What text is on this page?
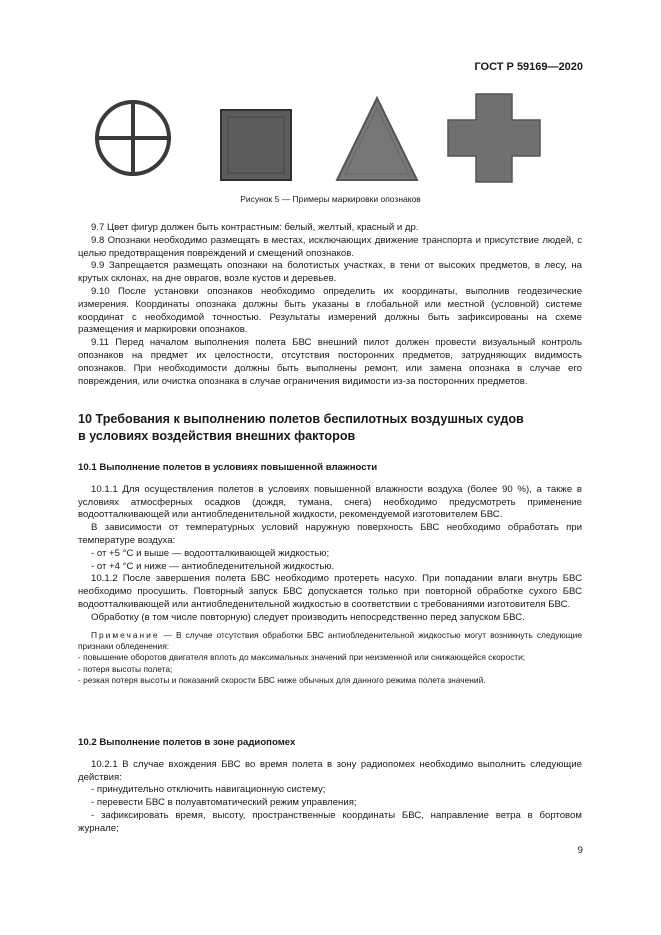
ГОСТ Р 59169—2020
Рисунок 5 — Примеры маркировки опознаков

9.7 Цвет фигур должен быть контрастным: белый, желтый, красный и др.

9.8 Опознаки необходимо размещать в местах, исключающих движение транспорта и присутствие людей, с целью предотвращения повреждений и смещений опознаков.

9.9 Запрещается размещать опознаки на болотистых участках, в тени от высоких предметов, в лесу, на крутых склонах, на дне оврагов, возле кустов и деревьев.

9.10 После установки опознаков необходимо определить их координаты, выполнив геодезические измерения. Координаты опознака должны быть указаны в глобальной или местной (условной) системе координат с необходимой точностью. Результаты измерений должны быть зафиксированы на схеме размещения и маркировки опознаков.

9.11 Перед началом выполнения полета БВС внешний пилот должен провести визуальный контроль опознаков на предмет их целостности, отсутствия посторонних предметов, затрудняющих видимость опознаков. При необходимости должны быть выполнены ремонт, или замена опознака в случае его повреждения, или очистка опознака в случае ограничения видимости из-за посторонних предметов.

10 Требования к выполнению полетов беспилотных воздушных судов

в условиях воздействия внешних факторов

10.1 Выполнение полетов в условиях повышенной влажности

10.1.1 Для осуществления полетов в условиях повышенной влажности воздуха (более 90 %), а также в условиях атмосферных осадков (дождя, тумана, снега) необходимо предусмотреть применение водоотталкивающей или антиобледенительной жидкости, рекомендуемой изготовителем БВС.

В зависимости от температурных условий наружную поверхность БВС необходимо обработать при температуре воздуха:

- от +5 °С и выше — водоотталкивающей жидкостью;

- от +4 °С и ниже — антиобледенительной жидкостью.

10.1.2 После завершения полета БВС необходимо протереть насухо. При попадании влаги внутрь БВС необходимо просушить. Повторный запуск БВС допускается только при повторной обработке сухого БВС водоотталкивающей или антиобледенительной жидкостью в соответствии с требованиями изготовителя БВС.

Обработку (в том числе повторную) следует производить непосредственно перед запуском БВС.

Примечание — В случае отсутствия обработки БВС антиобледенительной жидкостью могут возникнуть следующие признаки обледенения:

- повышение оборотов двигателя вплоть до максимальных значений при неизменной или снижающейся скорости;

- потеря высоты полета;

- резкая потеря высоты и показаний скорости БВС ниже обычных для данного режима полета значений.

10.2 Выполнение полетов в зоне радиопомех

10.2.1 В случае вхождения БВС во время полета в зону радиопомех необходимо выполнить следующие действия:

- принудительно отключить навигационную систему;

- перевести БВС в полуавтоматический режим управления;

- зафиксировать время, высоту, пространственные координаты БВС, направление ветра в бортовом журнале;

9
